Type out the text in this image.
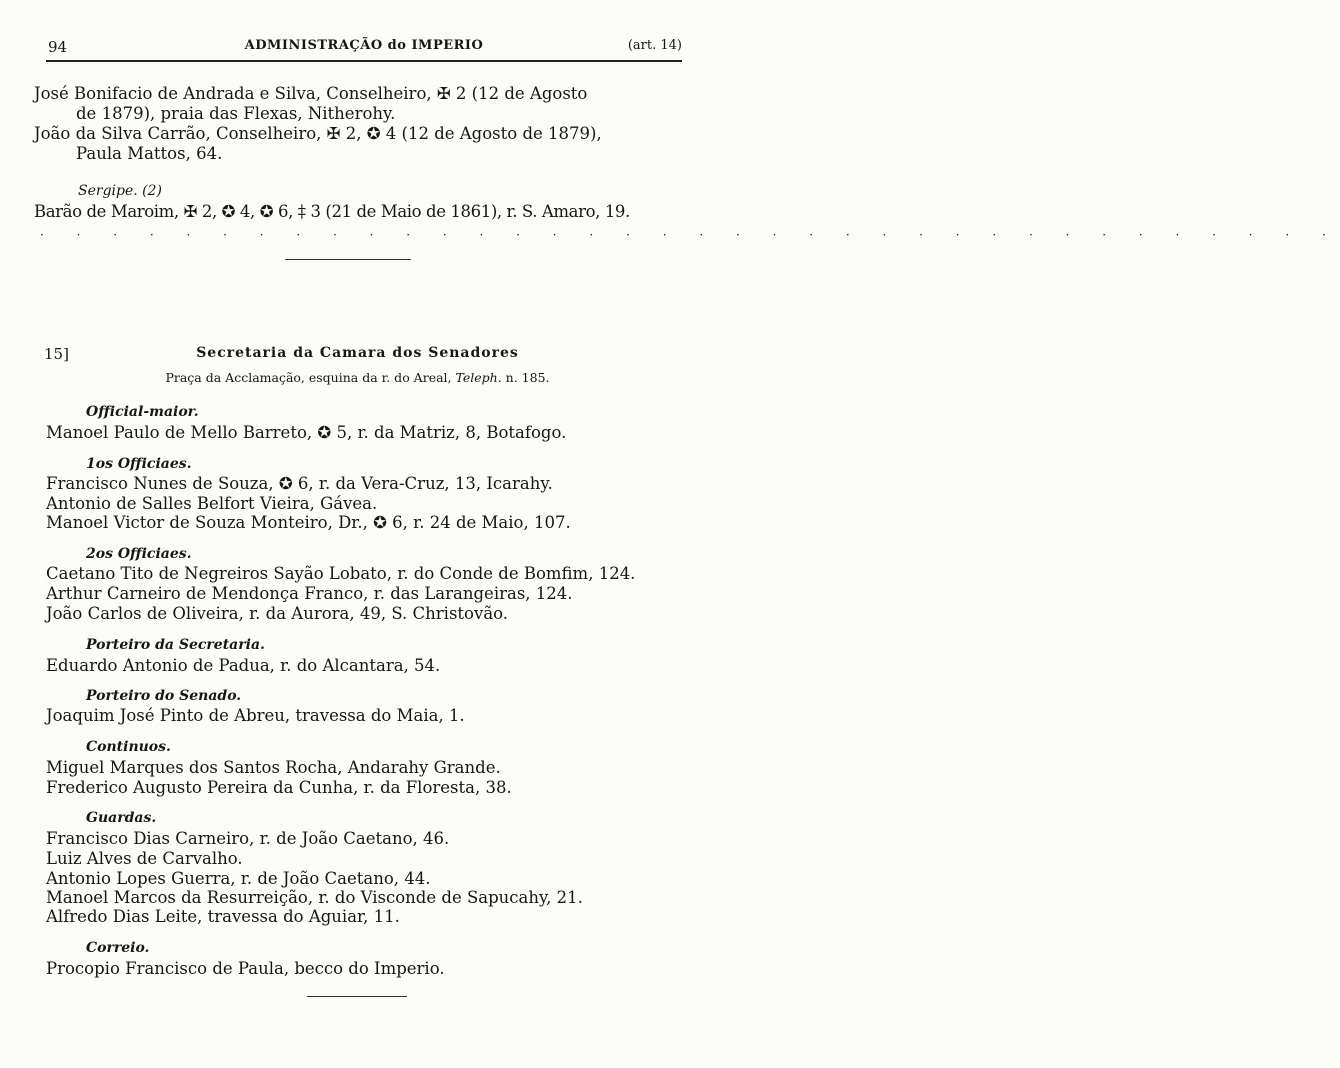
94	ADMINISTRAÇÃO do IMPERIO	(art. 14)
José Bonifacio de Andrada e Silva, Conselheiro, ✠ 2 (12 de Agosto
de 1879), praia das Flexas, Nitherohy.
João da Silva Carrão, Conselheiro, ✠ 2, ✪ 4 (12 de Agosto de 1879),
Paula Mattos, 64.
Sergipe. (2)
Barão de Maroim, ✠ 2, ✪ 4, ✪ 6, ‡ 3 (21 de Maio de 1861), r. S. Amaro, 19.
· · · · · · · · · · · · · · · · · · · · · · · · · · · · · · · · · · · ·
15]	Secretaria da Camara dos Senadores
Praça da Acclamação, esquina da r. do Areal, Teleph. n. 185.
Official-maior.
Manoel Paulo de Mello Barreto, ✪ 5, r. da Matriz, 8, Botafogo.
1os Officiaes.
Francisco Nunes de Souza, ✪ 6, r. da Vera-Cruz, 13, Icarahy.
Antonio de Salles Belfort Vieira, Gávea.
Manoel Victor de Souza Monteiro, Dr., ✪ 6, r. 24 de Maio, 107.
2os Officiaes.
Caetano Tito de Negreiros Sayão Lobato, r. do Conde de Bomfim, 124.
Arthur Carneiro de Mendonça Franco, r. das Larangeiras, 124.
João Carlos de Oliveira, r. da Aurora, 49, S. Christovão.
Porteiro da Secretaria.
Eduardo Antonio de Padua, r. do Alcantara, 54.
Porteiro do Senado.
Joaquim José Pinto de Abreu, travessa do Maia, 1.
Continuos.
Miguel Marques dos Santos Rocha, Andarahy Grande.
Frederico Augusto Pereira da Cunha, r. da Floresta, 38.
Guardas.
Francisco Dias Carneiro, r. de João Caetano, 46.
Luiz Alves de Carvalho.
Antonio Lopes Guerra, r. de João Caetano, 44.
Manoel Marcos da Resurreição, r. do Visconde de Sapucahy, 21.
Alfredo Dias Leite, travessa do Aguiar, 11.
Correio.
Procopio Francisco de Paula, becco do Imperio.
